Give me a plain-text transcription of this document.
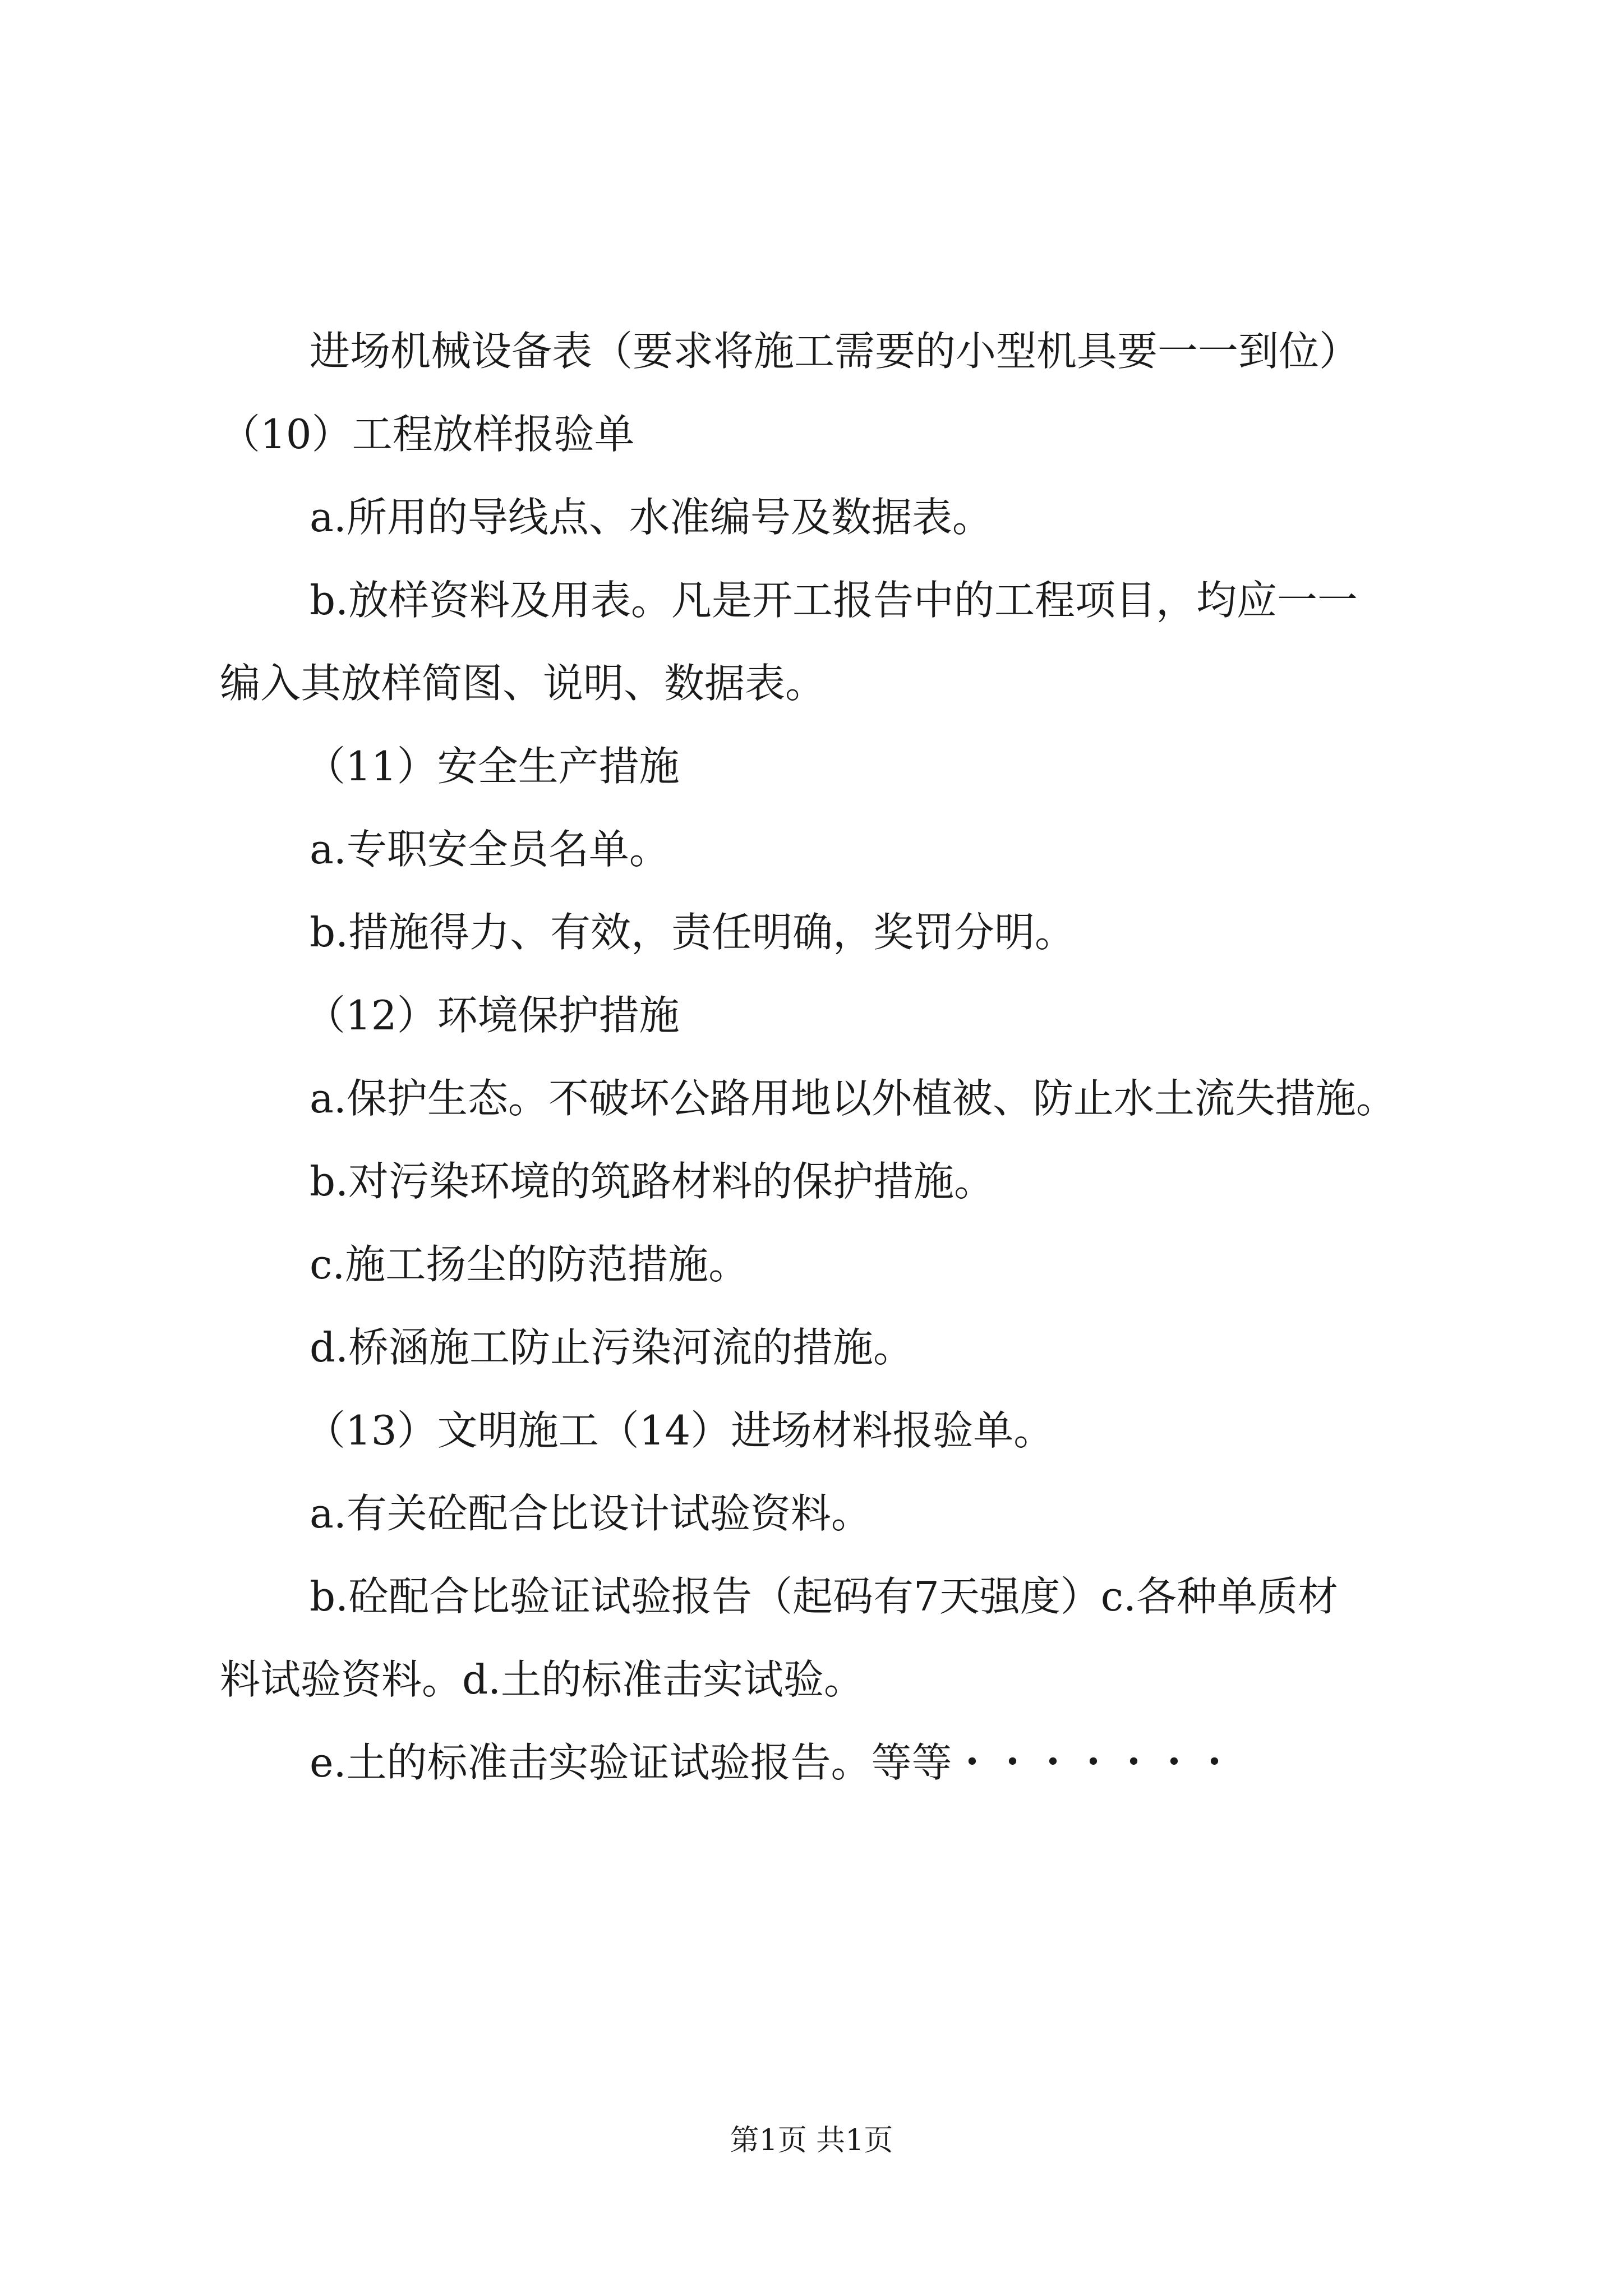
进场机械设备表（要求将施工需要的小型机具要一一到位）

（10）工程放样报验单

a.所用的导线点、水准编号及数据表。

b.放样资料及用表。凡是开工报告中的工程项目，均应一一

编入其放样简图、说明、数据表。

（11）安全生产措施

a.专职安全员名单。

b.措施得力、有效，责任明确，奖罚分明。

（12）环境保护措施

a.保护生态。不破坏公路用地以外植被、防止水土流失措施。

b.对污染环境的筑路材料的保护措施。

c.施工扬尘的防范措施。

d.桥涵施工防止污染河流的措施。

（13）文明施工（14）进场材料报验单。

a.有关砼配合比设计试验资料。

b.砼配合比验证试验报告（起码有7天强度）c.各种单质材

料试验资料。d.土的标准击实试验。

e.土的标准击实验证试验报告。等等・・・・・・・

第1页 共1页
